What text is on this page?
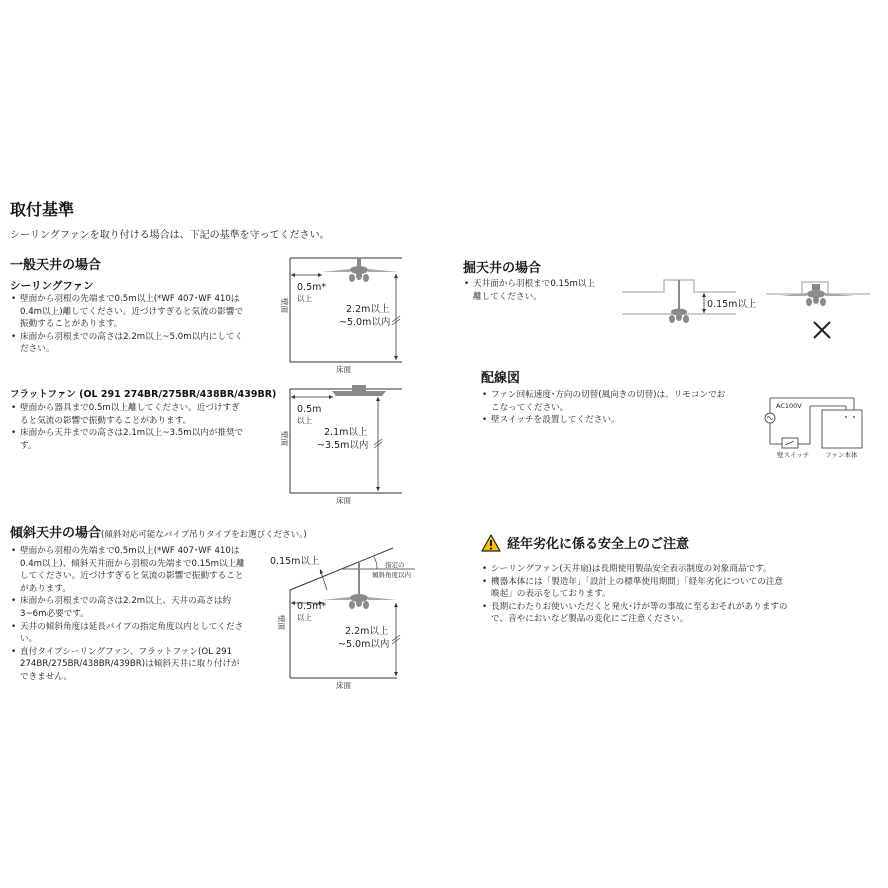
取付基準
シーリングファンを取り付ける場合は、下記の基準を守ってください。
一般天井の場合
シーリングファン
• 壁面から羽根の先端まで0.5m以上(*WF 407･WF 410は0.4m以上)離してください。近づけすぎると気流の影響で振動することがあります。
• 床面から羽根までの高さは2.2m以上~5.0m以内にしてください。
フラットファン (OL 291 274BR/275BR/438BR/439BR)
• 壁面から器具まで0.5m以上離してください。近づけすぎると気流の影響で振動することがあります。
• 床面から天井までの高さは2.1m以上~3.5m以内が推奨です。
0.5m*
以上
2.2m以上
~5.0m以内
壁面
床面
0.5m
以上
2.1m以上
~3.5m以内
壁面
床面
傾斜天井の場合(傾斜対応可能なパイプ吊りタイプをお選びください。)
• 壁面から羽根の先端まで0.5m以上(*WF 407･WF 410は0.4m以上)、傾斜天井面から羽根の先端まで0.15m以上離してください。近づけすぎると気流の影響で振動することがあります。
• 床面から羽根までの高さは2.2m以上、天井の高さは約3~6m必要です。
• 天井の傾斜角度は延長パイプの指定角度以内としてください。
• 直付タイプシーリングファン、フラットファン(OL 291 274BR/275BR/438BR/439BR)は傾斜天井に取り付けができません。
0.15m以上	指定の
傾斜角度以内
0.5m*
以上
2.2m以上
~5.0m以内
壁面
床面
掘天井の場合
• 天井面から羽根まで0.15m以上離してください。
0.15m以上
配線図
• ファン回転速度･方向の切替(風向きの切替)は、リモコンでおこなってください。
• 壁スイッチを設置してください。
AC100V
壁スイッチ ファン本体
経年劣化に係る安全上のご注意
• シーリングファン(天井扇)は長期使用製品安全表示制度の対象商品です。
• 機器本体には「製造年」「設計上の標準使用期間」「経年劣化についての注意喚起」の表示をしております。
• 長期にわたりお使いいただくと発火･けが等の事故に至るおそれがありますので、音やにおいなど製品の変化にご注意ください。
